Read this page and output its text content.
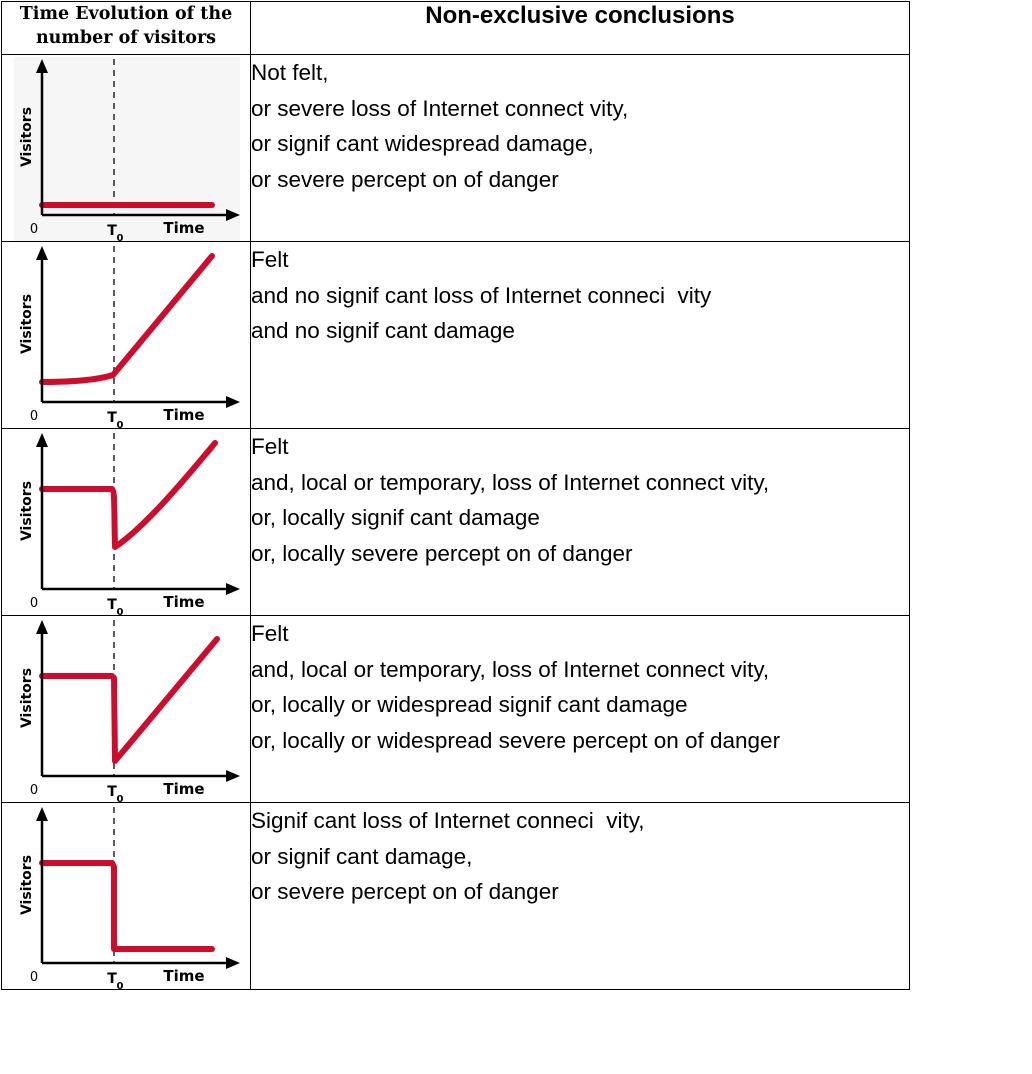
Time Evolution of the
number of visitors	Non-exclusive conclusions

Visitors
0 T 0
Time	Not felt,
or severe loss of Internet connect vity,
or signif cant widespread damage,
or severe percept on of danger

Visitors
0 T 0
Time	Felt
and no signif cant loss of Internet conneci  vity
and no signif cant damage

Visitors
0 T 0
Time	Felt
and, local or temporary, loss of Internet connect vity,
or, locally signif cant damage
or, locally severe percept on of danger

Visitors
0 T 0
Time	Felt
and, local or temporary, loss of Internet connect vity,
or, locally or widespread signif cant damage
or, locally or widespread severe percept on of danger

Visitors
0 T 0
Time	Signif cant loss of Internet conneci  vity,
or signif cant damage,
or severe percept on of danger
